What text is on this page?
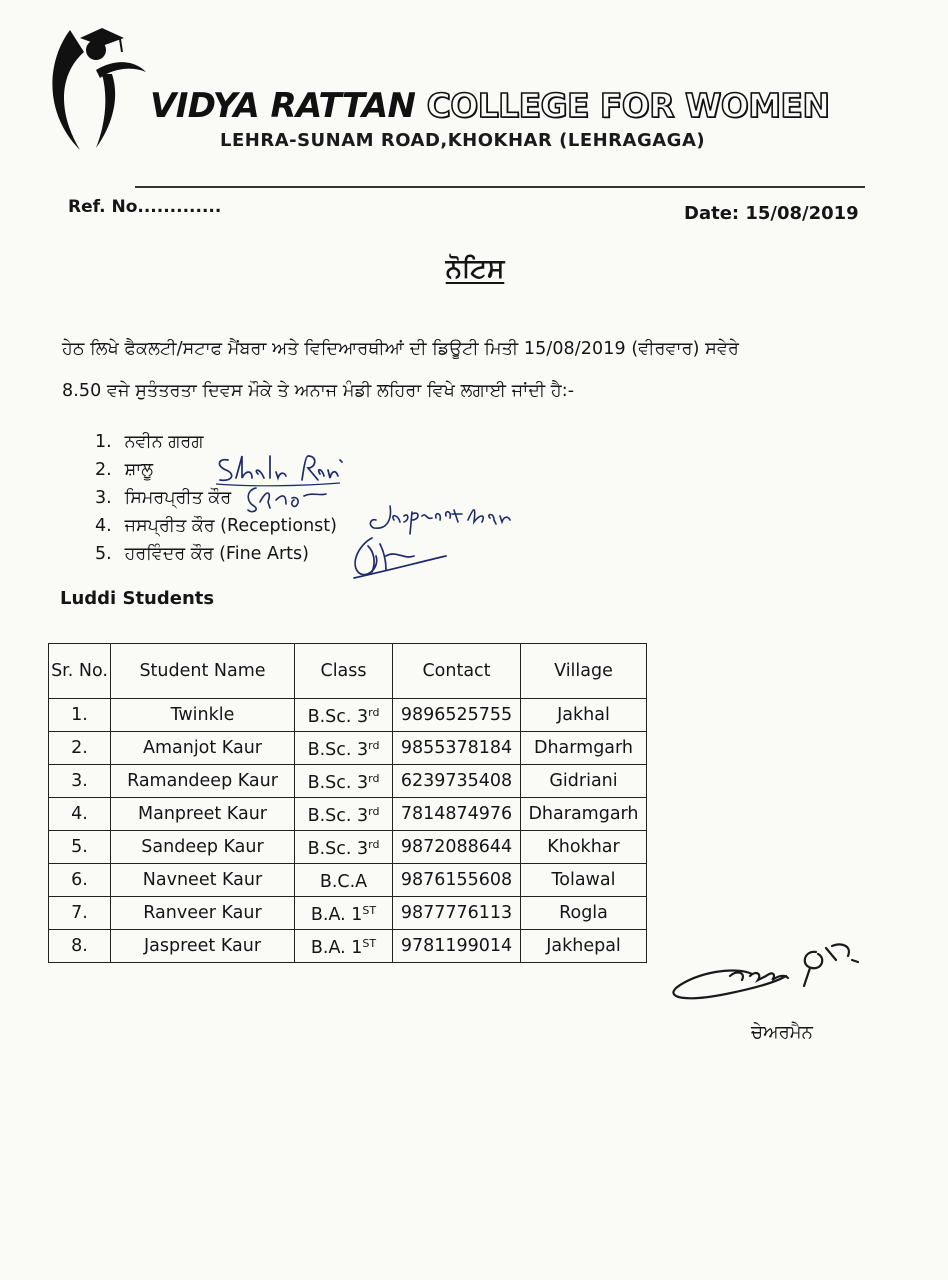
VIDYA RATTAN COLLEGE FOR WOMEN
LEHRA-SUNAM ROAD,KHOKHAR (LEHRAGAGA)
Ref. No.............	Date: 15/08/2019
ਨੋਟਿਸ

ਹੇਠ ਲਿਖੇ ਫੈਕਲਟੀ/ਸਟਾਫ ਮੈਂਬਰਾ ਅਤੇ ਵਿਦਿਆਰਥੀਆਂ ਦੀ ਡਿਊਟੀ ਮਿਤੀ 15/08/2019 (ਵੀਰਵਾਰ) ਸਵੇਰੇ

8.50 ਵਜੇ ਸੁਤੰਤਰਤਾ ਦਿਵਸ ਮੌਕੇ ਤੇ ਅਨਾਜ ਮੰਡੀ ਲਹਿਰਾ ਵਿਖੇ ਲਗਾਈ ਜਾਂਦੀ ਹੈ:-

1. ਨਵੀਨ ਗਰਗ
2. ਸ਼ਾਲੂ
3. ਸਿਮਰਪ੍ਰੀਤ ਕੌਰ
4. ਜਸਪ੍ਰੀਤ ਕੌਰ (Receptionst)
5. ਹਰਵਿੰਦਰ ਕੌਰ (Fine Arts)
Luddi Students
Sr. No.	Student Name	Class	Contact	Village
1.	Twinkle	B.Sc. 3rd	9896525755	Jakhal
2.	Amanjot Kaur	B.Sc. 3rd	9855378184	Dharmgarh
3.	Ramandeep Kaur	B.Sc. 3rd	6239735408	Gidriani
4.	Manpreet Kaur	B.Sc. 3rd	7814874976	Dharamgarh
5.	Sandeep Kaur	B.Sc. 3rd	9872088644	Khokhar
6.	Navneet Kaur	B.C.A	9876155608	Tolawal
7.	Ranveer Kaur	B.A. 1ST	9877776113	Rogla
8.	Jaspreet Kaur	B.A. 1ST	9781199014	Jakhepal
ਚੇਅਰਮੈਨ
